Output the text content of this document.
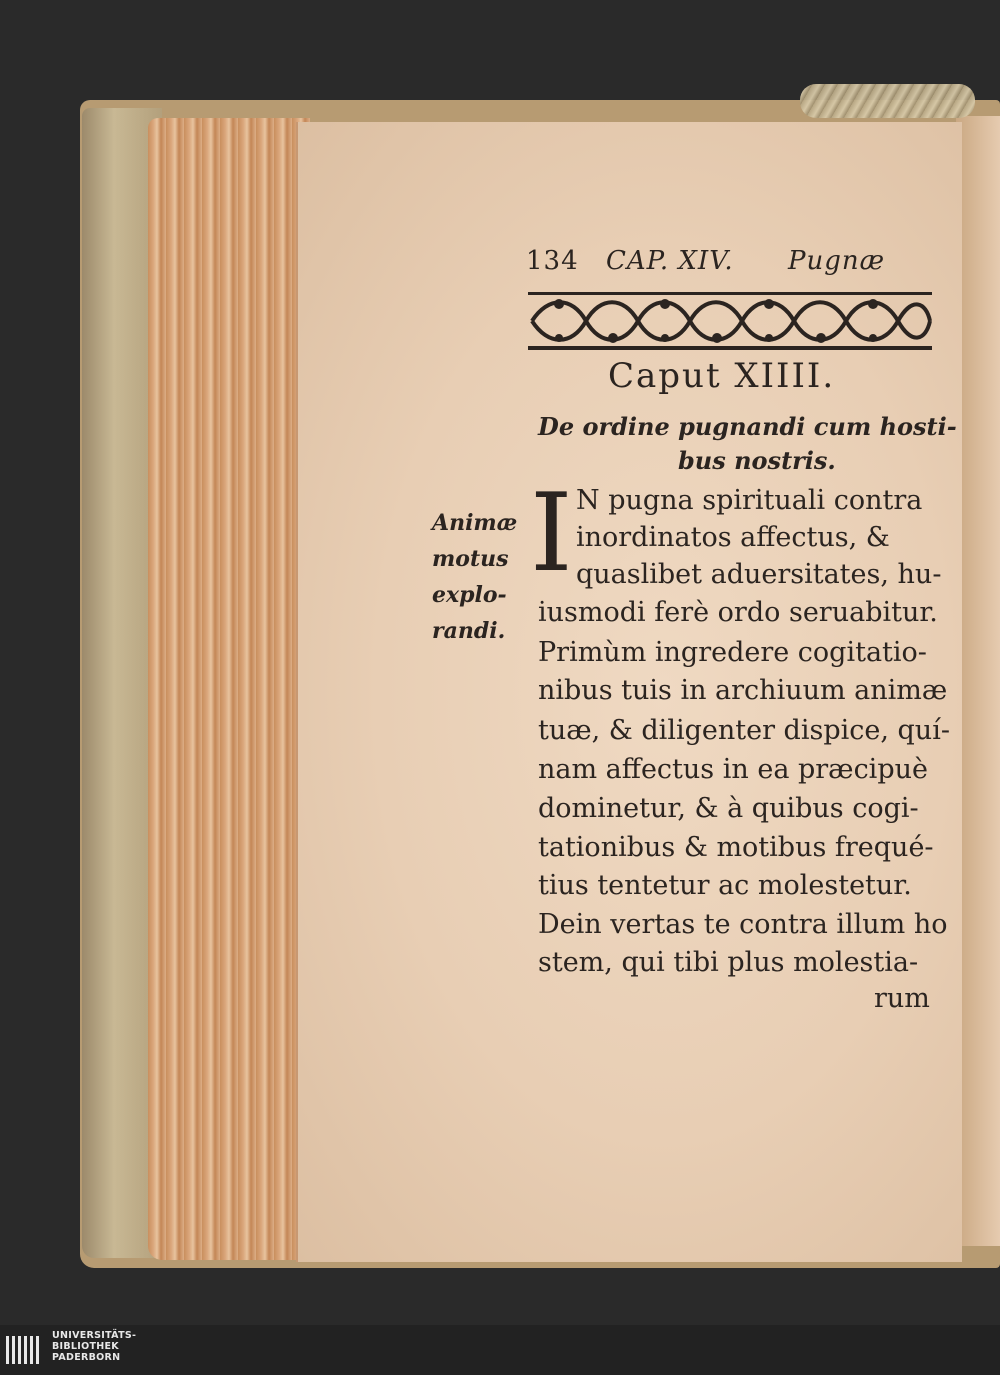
134 CAP. XIV. Pugnæ
Caput XIIII.
De ordine pugnandi cum hosti-
bus nostris.
I
Animæ
motus
explo-
randi.
N pugna spirituali contra
inordinatos affectus, &
quaslibet aduersitates, hu-
iusmodi ferè ordo seruabitur.
Primùm ingredere cogitatio-
nibus tuis in archiuum animæ
tuæ, & diligenter dispice, quí-
nam affectus in ea præcipuè
dominetur, & à quibus cogi-
tationibus & motibus frequé-
tius tentetur ac molestetur.
Dein vertas te contra illum ho
stem, qui tibi plus molestia-
rum
UNIVERSITÄTS-
BIBLIOTHEK
PADERBORN
